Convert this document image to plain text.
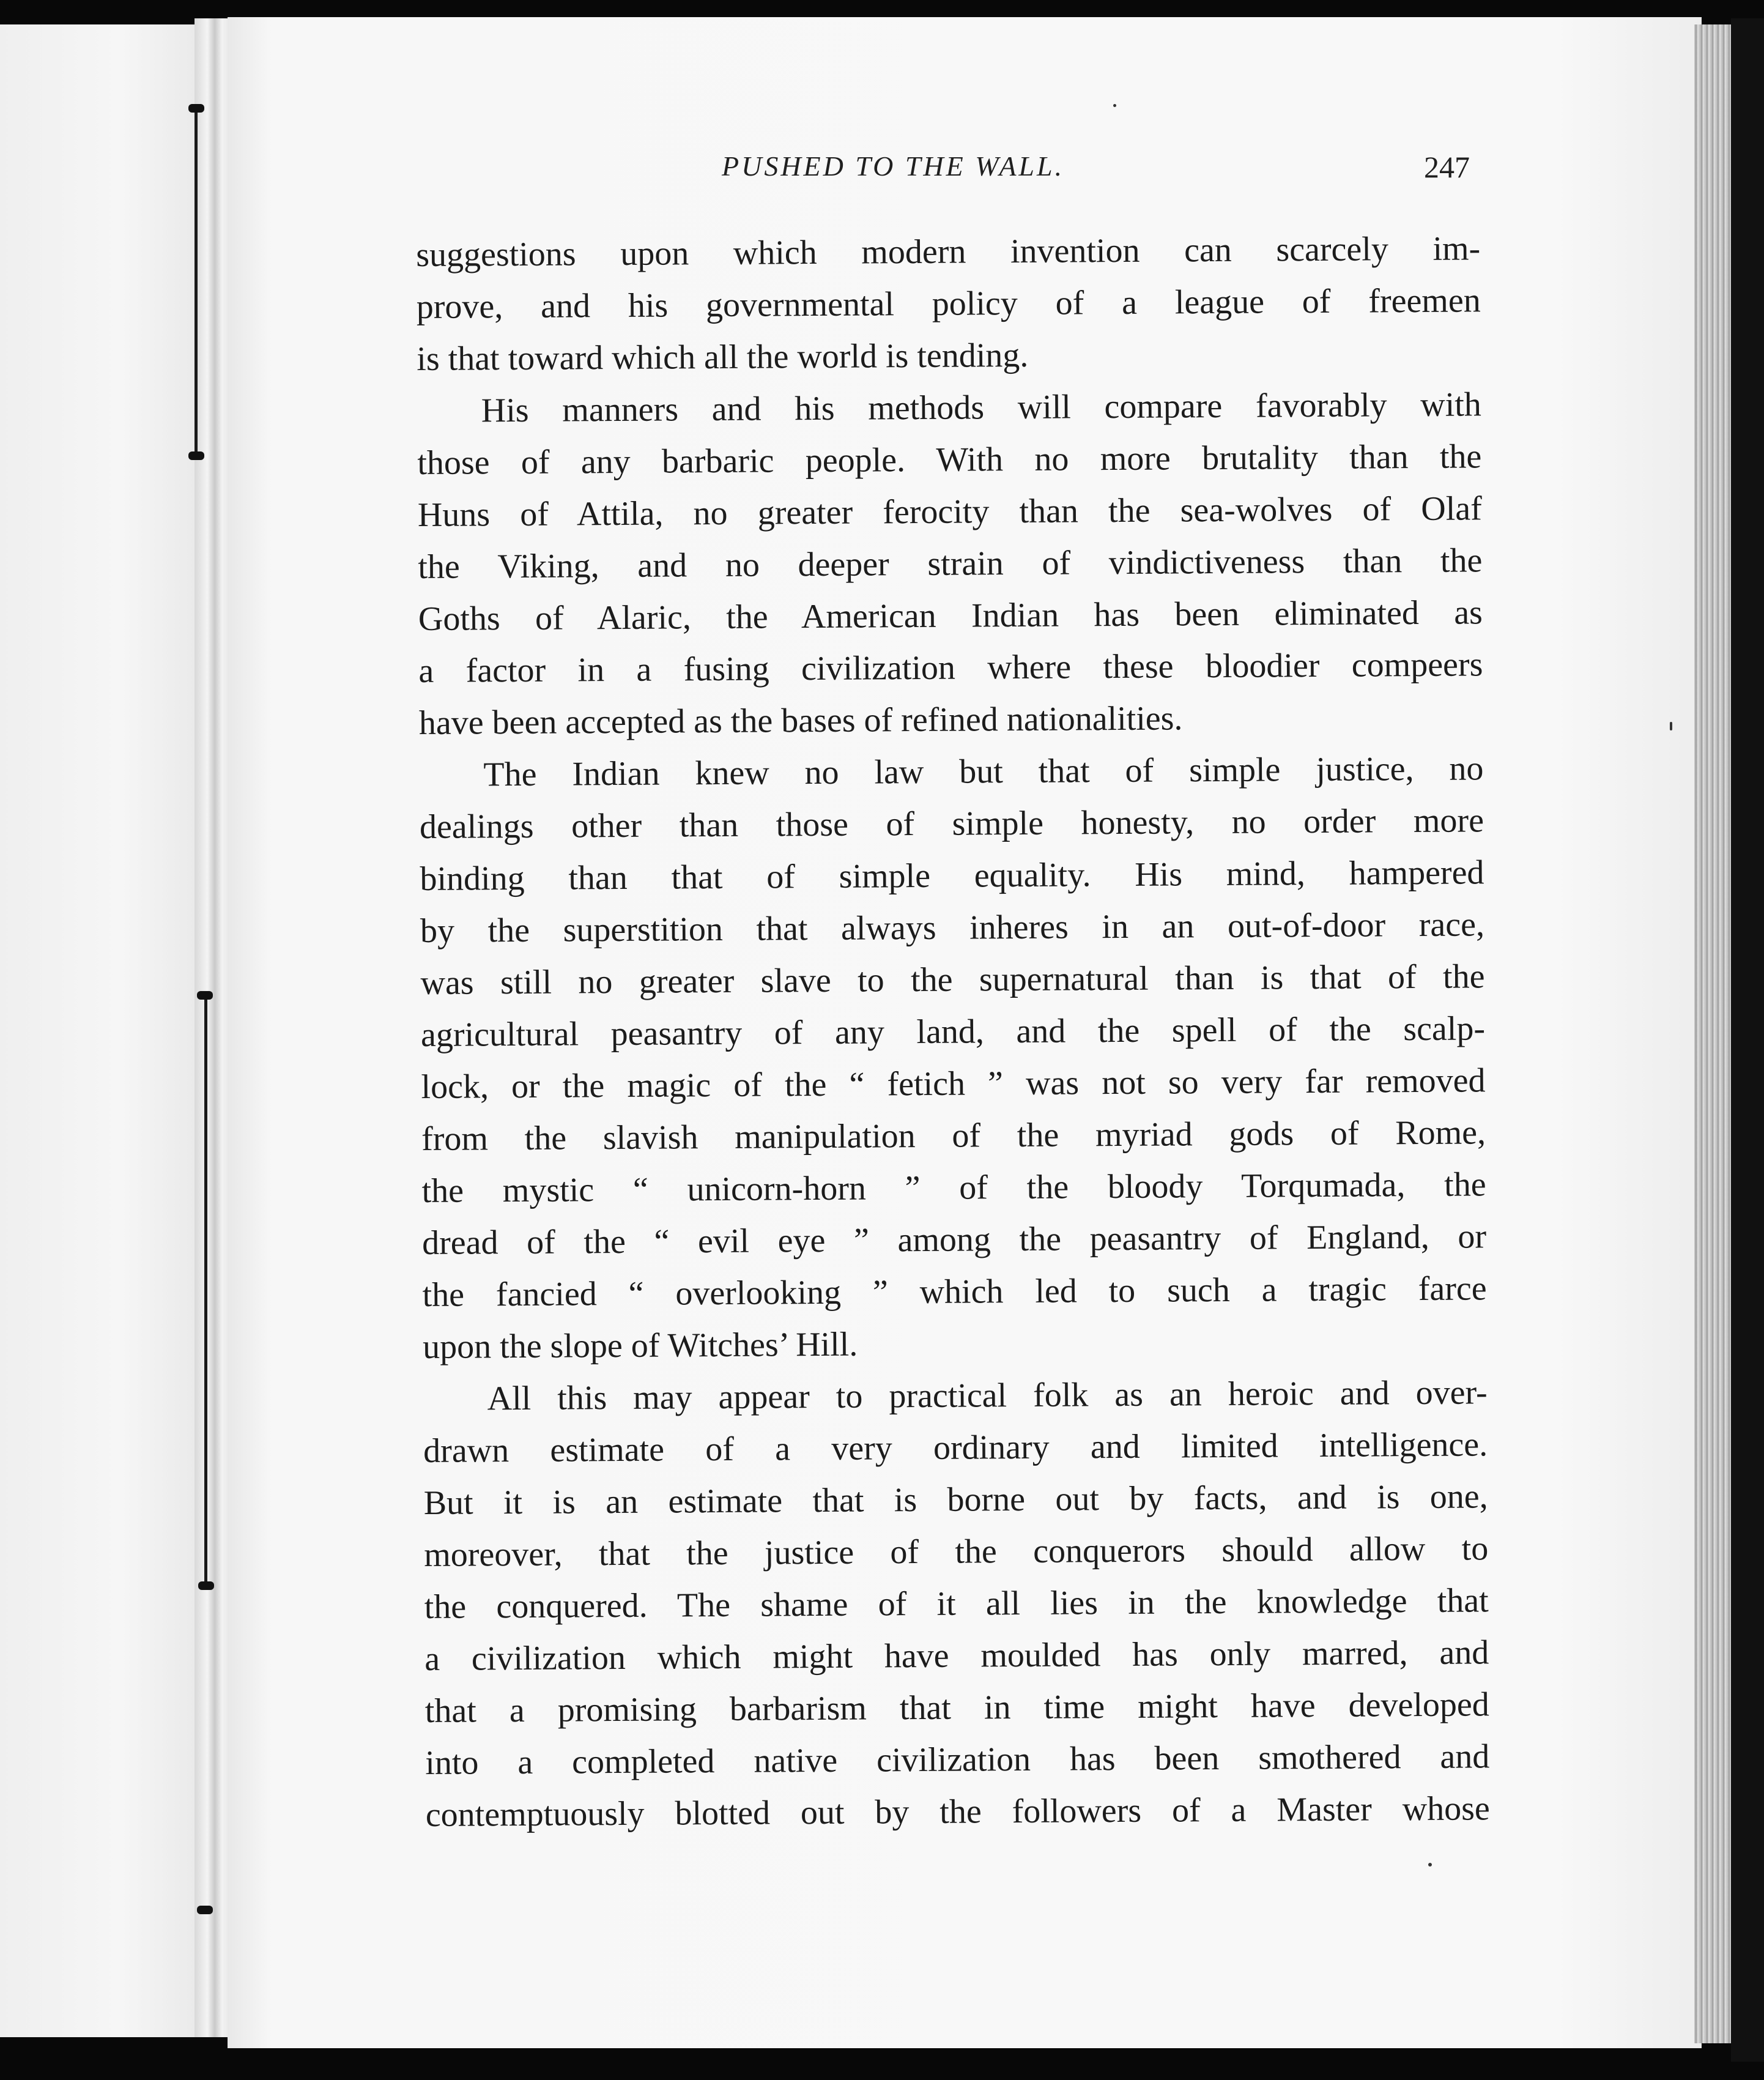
PUSHED TO THE WALL.	247
suggestions upon which modern invention can scarcely im-
prove, and his governmental policy of a league of freemen
is that toward which all the world is tending.
His manners and his methods will compare favorably with
those of any barbaric people. With no more brutality than the
Huns of Attila, no greater ferocity than the sea-wolves of Olaf
the Viking, and no deeper strain of vindictiveness than the
Goths of Alaric, the American Indian has been eliminated as
a factor in a fusing civilization where these bloodier compeers
have been accepted as the bases of refined nationalities.
The Indian knew no law but that of simple justice, no
dealings other than those of simple honesty, no order more
binding than that of simple equality. His mind, hampered
by the superstition that always inheres in an out-of-door race,
was still no greater slave to the supernatural than is that of the
agricultural peasantry of any land, and the spell of the scalp-
lock, or the magic of the “ fetich ” was not so very far removed
from the slavish manipulation of the myriad gods of Rome,
the mystic “ unicorn-horn ” of the bloody Torqumada, the
dread of the “ evil eye ” among the peasantry of England, or
the fancied “ overlooking ” which led to such a tragic farce
upon the slope of Witches’ Hill.
All this may appear to practical folk as an heroic and over-
drawn estimate of a very ordinary and limited intelligence.
But it is an estimate that is borne out by facts, and is one,
moreover, that the justice of the conquerors should allow to
the conquered. The shame of it all lies in the knowledge that
a civilization which might have moulded has only marred, and
that a promising barbarism that in time might have developed
into a completed native civilization has been smothered and
contemptuously blotted out by the followers of a Master whose
